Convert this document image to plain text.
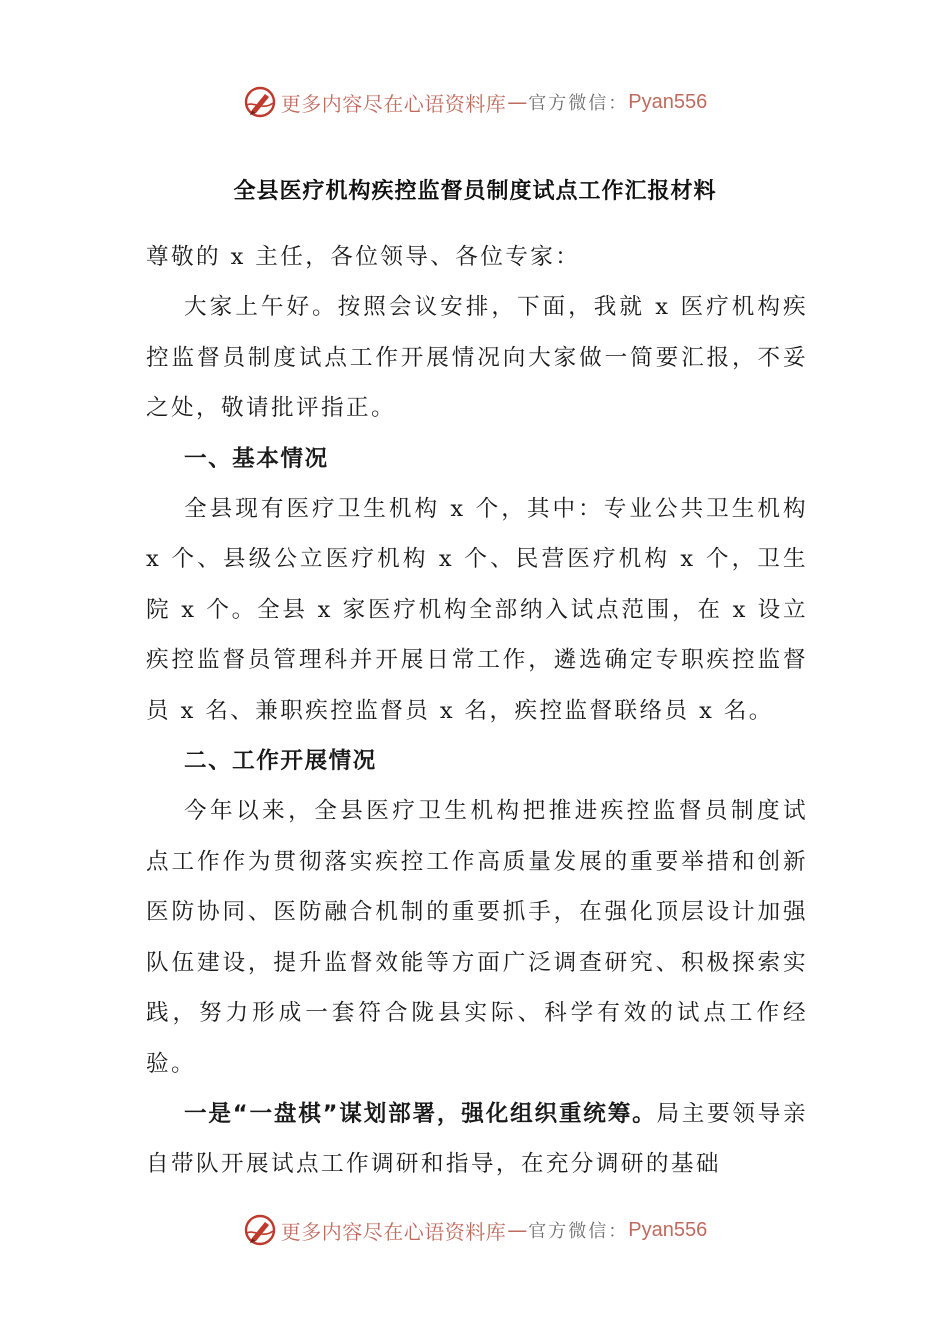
更多内容尽在心语资料库 — 官方微信： Pyan556
全县医疗机构疾控监督员制度试点工作汇报材料

尊敬的 x 主任，各位领导、各位专家：

大家上午好。按照会议安排，下面，我就 x 医疗机构疾控监督员制度试点工作开展情况向大家做一简要汇报，不妥之处，敬请批评指正。

一、基本情况

全县现有医疗卫生机构 x 个，其中：专业公共卫生机构 x 个、县级公立医疗机构 x 个、民营医疗机构 x 个，卫生院 x 个。全县 x 家医疗机构全部纳入试点范围，在 x 设立疾控监督员管理科并开展日常工作，遴选确定专职疾控监督员 x 名、兼职疾控监督员 x 名，疾控监督联络员 x 名。

二、工作开展情况

今年以来，全县医疗卫生机构把推进疾控监督员制度试点工作作为贯彻落实疾控工作高质量发展的重要举措和创新医防协同、医防融合机制的重要抓手，在强化顶层设计加强队伍建设，提升监督效能等方面广泛调查研究、积极探索实践，努力形成一套符合陇县实际、科学有效的试点工作经验。

一是“一盘棋”谋划部署，强化组织重统筹。局主要领导亲自带队开展试点工作调研和指导，在充分调研的基础

更多内容尽在心语资料库 — 官方微信： Pyan556
